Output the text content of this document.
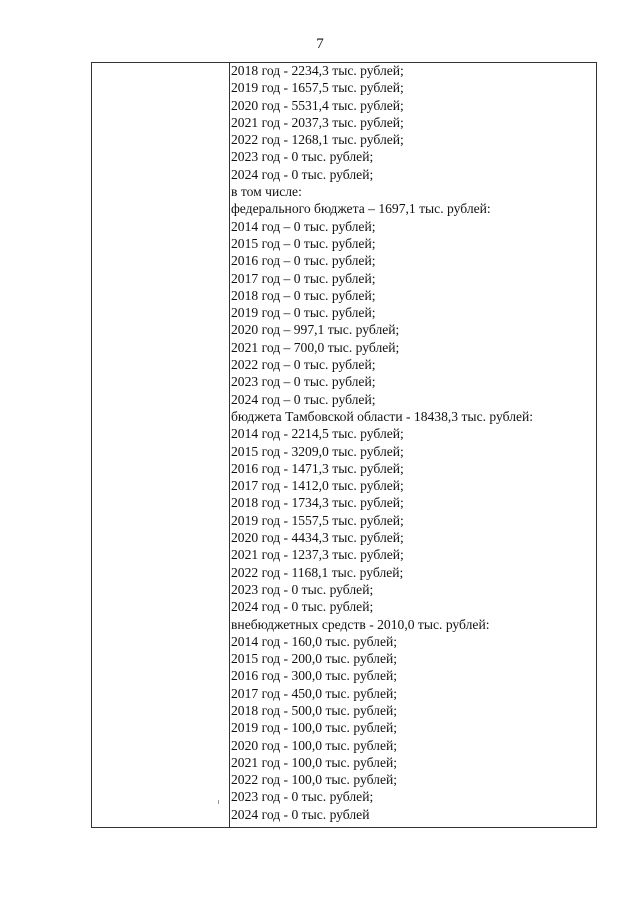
7
2018 год - 2234,3 тыс. рублей;
2019 год - 1657,5 тыс. рублей;
2020 год - 5531,4 тыс. рублей;
2021 год - 2037,3 тыс. рублей;
2022 год - 1268,1 тыс. рублей;
2023 год - 0 тыс. рублей;
2024 год - 0 тыс. рублей;
в том числе:
федерального бюджета – 1697,1 тыс. рублей:
2014 год – 0 тыс. рублей;
2015 год – 0 тыс. рублей;
2016 год – 0 тыс. рублей;
2017 год – 0 тыс. рублей;
2018 год – 0 тыс. рублей;
2019 год – 0 тыс. рублей;
2020 год – 997,1 тыс. рублей;
2021 год – 700,0 тыс. рублей;
2022 год – 0 тыс. рублей;
2023 год – 0 тыс. рублей;
2024 год – 0 тыс. рублей;
бюджета Тамбовской области - 18438,3 тыс. рублей:
2014 год - 2214,5 тыс. рублей;
2015 год - 3209,0 тыс. рублей;
2016 год - 1471,3 тыс. рублей;
2017 год - 1412,0 тыс. рублей;
2018 год - 1734,3 тыс. рублей;
2019 год - 1557,5 тыс. рублей;
2020 год - 4434,3 тыс. рублей;
2021 год - 1237,3 тыс. рублей;
2022 год - 1168,1 тыс. рублей;
2023 год - 0 тыс. рублей;
2024 год - 0 тыс. рублей;
внебюджетных средств - 2010,0 тыс. рублей:
2014 год - 160,0 тыс. рублей;
2015 год - 200,0 тыс. рублей;
2016 год - 300,0 тыс. рублей;
2017 год - 450,0 тыс. рублей;
2018 год - 500,0 тыс. рублей;
2019 год - 100,0 тыс. рублей;
2020 год - 100,0 тыс. рублей;
2021 год - 100,0 тыс. рублей;
2022 год - 100,0 тыс. рублей;
2023 год - 0 тыс. рублей;
2024 год - 0 тыс. рублей
